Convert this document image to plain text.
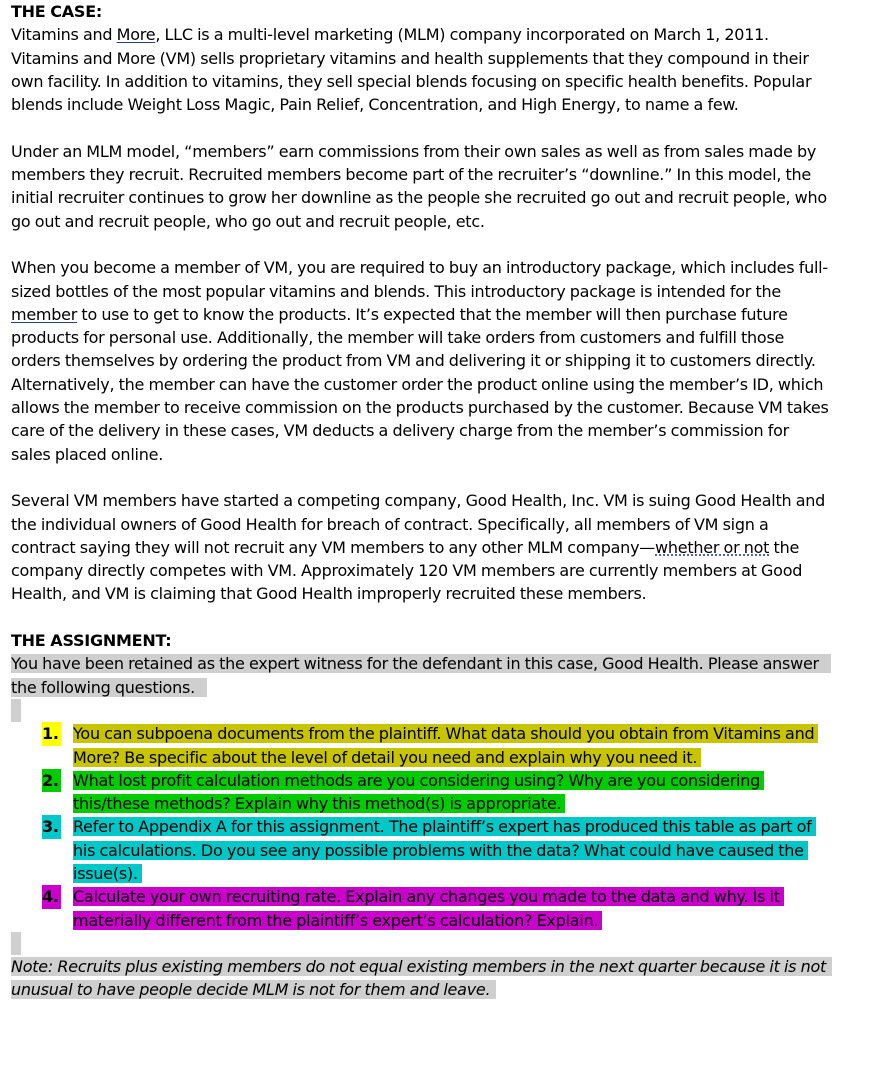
THE CASE:

Vitamins and More, LLC is a multi-level marketing (MLM) company incorporated on March 1, 2011. Vitamins and More (VM) sells proprietary vitamins and health supplements that they compound in their own facility. In addition to vitamins, they sell special blends focusing on specific health benefits. Popular blends include Weight Loss Magic, Pain Relief, Concentration, and High Energy, to name a few.

Under an MLM model, “members” earn commissions from their own sales as well as from sales made by members they recruit. Recruited members become part of the recruiter’s “downline.” In this model, the initial recruiter continues to grow her downline as the people she recruited go out and recruit people, who go out and recruit people, who go out and recruit people, etc.

When you become a member of VM, you are required to buy an introductory package, which includes full-sized bottles of the most popular vitamins and blends. This introductory package is intended for the member to use to get to know the products. It’s expected that the member will then purchase future products for personal use. Additionally, the member will take orders from customers and fulfill those orders themselves by ordering the product from VM and delivering it or shipping it to customers directly. Alternatively, the member can have the customer order the product online using the member’s ID, which allows the member to receive commission on the products purchased by the customer. Because VM takes care of the delivery in these cases, VM deducts a delivery charge from the member’s commission for sales placed online.

Several VM members have started a competing company, Good Health, Inc. VM is suing Good Health and the individual owners of Good Health for breach of contract. Specifically, all members of VM sign a contract saying they will not recruit any VM members to any other MLM company—whether or not the company directly competes with VM. Approximately 120 VM members are currently members at Good Health, and VM is claiming that Good Health improperly recruited these members.

THE ASSIGNMENT:

You have been retained as the expert witness for the defendant in this case, Good Health. Please answer the following questions.

1. You can subpoena documents from the plaintiff. What data should you obtain from Vitamins and More? Be specific about the level of detail you need and explain why you need it.
2. What lost profit calculation methods are you considering using? Why are you considering this/these methods? Explain why this method(s) is appropriate.
3. Refer to Appendix A for this assignment. The plaintiff’s expert has produced this table as part of his calculations. Do you see any possible problems with the data? What could have caused the issue(s).
4. Calculate your own recruiting rate. Explain any changes you made to the data and why. Is it materially different from the plaintiff’s expert’s calculation? Explain.

Note: Recruits plus existing members do not equal existing members in the next quarter because it is not unusual to have people decide MLM is not for them and leave.
